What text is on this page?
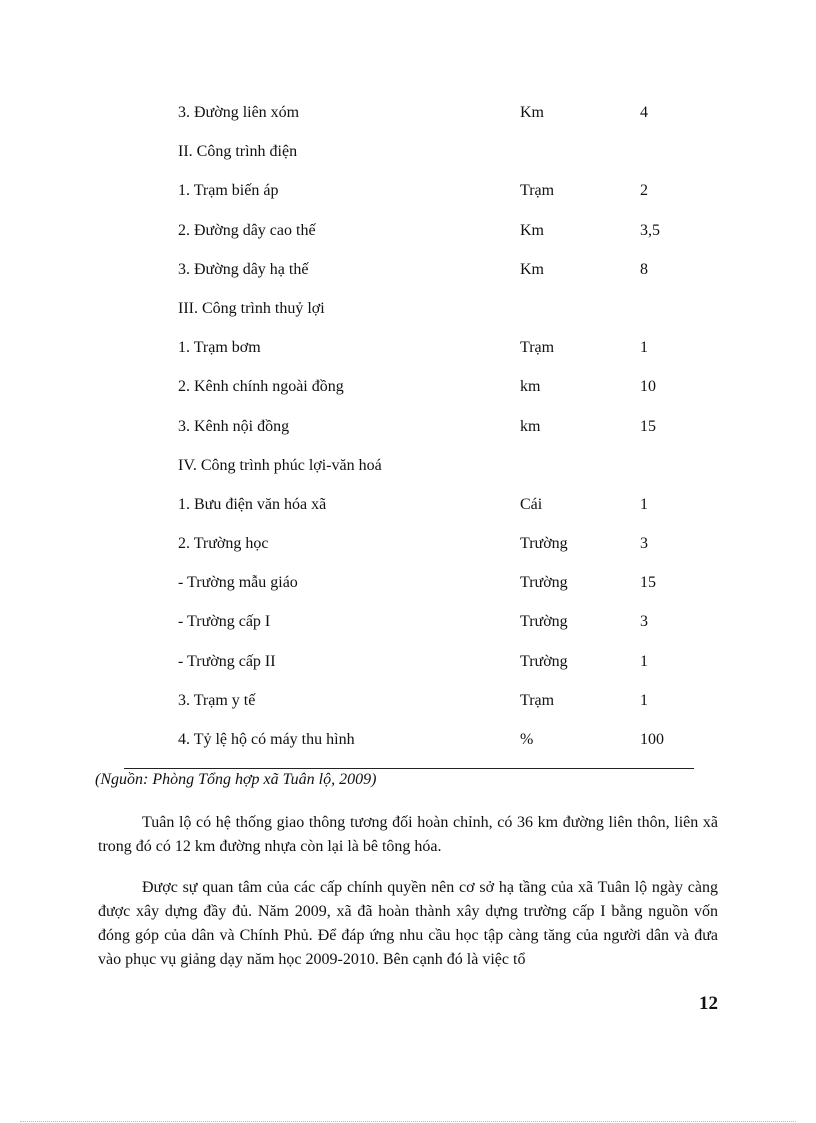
3. Đường liên xóm	Km	4
II. Công trình điện
1. Trạm biến áp	Trạm	2
2. Đường dây cao thế	Km	3,5
3. Đường dây hạ thế	Km	8
III. Công trình thuỷ lợi
1. Trạm bơm	Trạm	1
2. Kênh chính ngoài đồng	km	10
3. Kênh nội đồng	km	15
IV. Công trình phúc lợi-văn hoá
1. Bưu điện văn hóa xã	Cái	1
2. Trường học	Trường	3
- Trường mẫu giáo	Trường	15
- Trường cấp I	Trường	3
- Trường cấp II	Trường	1
3. Trạm y tế	Trạm	1
4. Tỷ lệ hộ có máy thu hình	%	100
(Nguồn: Phòng Tổng hợp xã Tuân lộ, 2009)

Tuân lộ có hệ thống giao thông tương đối hoàn chỉnh, có 36 km đường liên thôn, liên xã trong đó có 12 km đường nhựa còn lại là bê tông hóa.

Được sự quan tâm của các cấp chính quyền nên cơ sở hạ tầng của xã Tuân lộ ngày càng được xây dựng đầy đủ. Năm 2009, xã đã hoàn thành xây dựng trường cấp I bằng nguồn vốn đóng góp của dân và Chính Phủ. Để đáp ứng nhu cầu học tập càng tăng của người dân và đưa vào phục vụ giảng dạy năm học 2009-2010. Bên cạnh đó là việc tổ

12
